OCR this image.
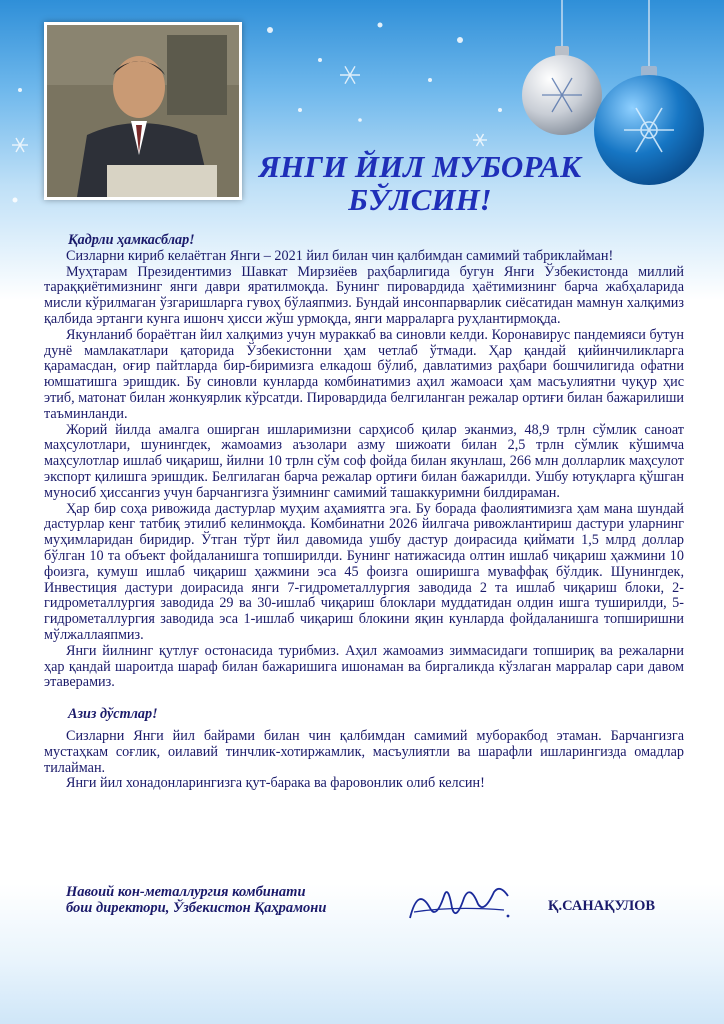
ЯНГИ ЙИЛ МУБОРАК
БЎЛСИН!

Қадрли ҳамкасблар!

Сизларни кириб келаётган Янги – 2021 йил билан чин қалбимдан самимий табриклайман!

Муҳтарам Президентимиз Шавкат Мирзиёев раҳбарлигида бугун Янги Ўзбекистонда миллий тараққиётимизнинг янги даври яратилмоқда. Бунинг пировардида ҳаётимизнинг барча жабҳаларида мисли кўрилмаган ўзгаришларга гувоҳ бўлаяпмиз. Бундай инсонпарварлик сиёсатидан мамнун халқимиз қалбида эртанги кунга ишонч ҳисси жўш урмоқда, янги марраларга руҳлантирмоқда.

Якунланиб бораётган йил халқимиз учун мураккаб ва синовли келди. Коронавирус пандемияси бутун дунё мамлакатлари қаторида Ўзбекистонни ҳам четлаб ўтмади. Ҳар қандай қийинчиликларга қарамасдан, оғир пайтларда бир-биримизга елкадош бўлиб, давлатимиз раҳбари бошчилигида офатни юмшатишга эришдик. Бу синовли кунларда комбинатимиз аҳил жамоаси ҳам масъулиятни чуқур ҳис этиб, матонат билан жонкуярлик кўрсатди. Пировардида белгиланган режалар ортиғи билан бажарилиши таъминланди.

Жорий йилда амалга оширган ишларимизни сарҳисоб қилар эканмиз, 48,9 трлн сўмлик саноат маҳсулотлари, шунингдек, жамоамиз аъзолари азму шижоати билан 2,5 трлн сўмлик кўшимча маҳсулотлар ишлаб чиқариш, йилни 10 трлн сўм соф фойда билан якунлаш, 266 млн долларлик маҳсулот экспорт қилишга эришдик. Белгилаган барча режалар ортиғи билан бажарилди. Ушбу ютуқларга қўшган муносиб ҳиссангиз учун барчангизга ўзимнинг самимий ташаккуримни билдираман.

Ҳар бир соҳа ривожида дастурлар муҳим аҳамиятга эга. Бу борада фаолиятимизга ҳам мана шундай дастурлар кенг татбиқ этилиб келинмоқда. Комбинатни 2026 йилгача ривожлантириш дастури уларнинг муҳимларидан биридир. Ўтган тўрт йил давомида ушбу дастур доирасида қиймати 1,5 млрд доллар бўлган 10 та объект фойдаланишга топширилди. Бунинг натижасида олтин ишлаб чиқариш ҳажмини 10 фоизга, кумуш ишлаб чиқариш ҳажмини эса 45 фоизга оширишга муваффақ бўлдик. Шунингдек, Инвестиция дастури доирасида янги 7-гидрометаллургия заводида 2 та ишлаб чиқариш блоки, 2-гидрометаллургия заводида 29 ва 30-ишлаб чиқариш блоклари муддатидан олдин ишга туширилди, 5-гидрометаллургия заводида эса 1-ишлаб чиқариш блокини яқин кунларда фойдаланишга топширишни мўлжаллаяпмиз.

Янги йилнинг қутлуғ остонасида турибмиз. Аҳил жамоамиз зиммасидаги топшириқ ва режаларни ҳар қандай шароитда шараф билан бажаришига ишонаман ва биргаликда кўзлаган марралар сари давом этаверамиз.

Азиз дўстлар!

Сизларни Янги йил байрами билан чин қалбимдан самимий муборакбод этаман. Барчангизга мустаҳкам соғлик, оилавий тинчлик-хотиржамлик, масъулиятли ва шарафли ишларингизда омадлар тилайман.

Янги йил хонадонларингизга қут-барака ва фаровонлик олиб келсин!

Навоий кон-металлургия комбинати
бош директори, Ўзбекистон Қаҳрамони	Қ.САНАҚУЛОВ
